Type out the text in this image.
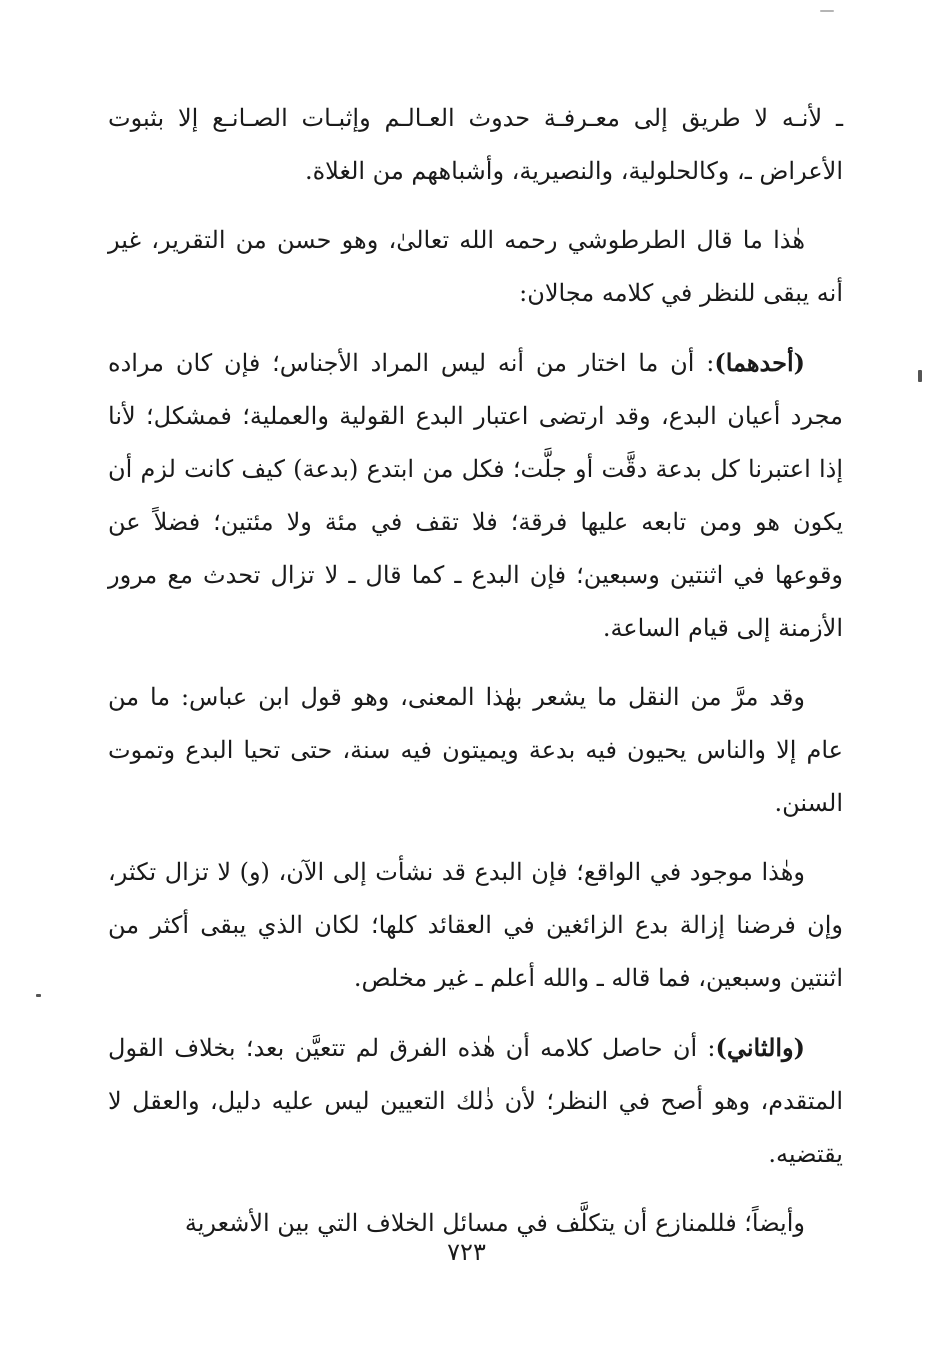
ـ لأنـه لا طريق إلى معـرفـة حدوث العـالـم وإثبـات الصـانـع إلا بثبوت الأعراض ـ، وكالحلولية، والنصيرية، وأشباههم من الغلاة.

هٰذا ما قال الطرطوشي رحمه الله تعالىٰ، وهو حسن من التقرير، غير أنه يبقى للنظر في كلامه مجالان:

(أحدهما): أن ما اختار من أنه ليس المراد الأجناس؛ فإن كان مراده مجرد أعيان البدع، وقد ارتضى اعتبار البدع القولية والعملية؛ فمشكل؛ لأنا إذا اعتبرنا كل بدعة دقَّت أو جلَّت؛ فكل من ابتدع (بدعة) كيف كانت لزم أن يكون هو ومن تابعه عليها فرقة؛ فلا تقف في مئة ولا مئتين؛ فضلاً عن وقوعها في اثنتين وسبعين؛ فإن البدع ـ كما قال ـ لا تزال تحدث مع مرور الأزمنة إلى قيام الساعة.

وقد مرَّ من النقل ما يشعر بهٰذا المعنى، وهو قول ابن عباس: ما من عام إلا والناس يحيون فيه بدعة ويميتون فيه سنة، حتى تحيا البدع وتموت السنن.

وهٰذا موجود في الواقع؛ فإن البدع قد نشأت إلى الآن، (و) لا تزال تكثر، وإن فرضنا إزالة بدع الزائغين في العقائد كلها؛ لكان الذي يبقى أكثر من اثنتين وسبعين، فما قاله ـ والله أعلم ـ غير مخلص.

(والثاني): أن حاصل كلامه أن هٰذه الفرق لم تتعيَّن بعد؛ بخلاف القول المتقدم، وهو أصح في النظر؛ لأن ذٰلك التعيين ليس عليه دليل، والعقل لا يقتضيه.

وأيضاً؛ فللمنازع أن يتكلَّف في مسائل الخلاف التي بين الأشعرية

٧٢٣
